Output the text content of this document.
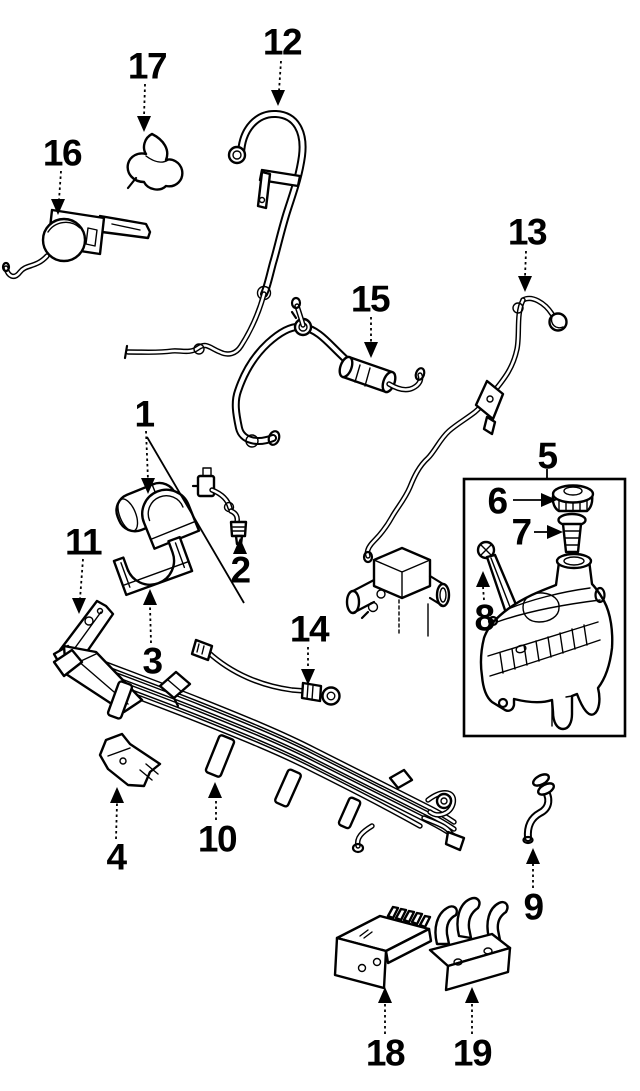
1
2
3
4
5
6
7
8
9
10
11
12
13
14
15
16
17
18 19
